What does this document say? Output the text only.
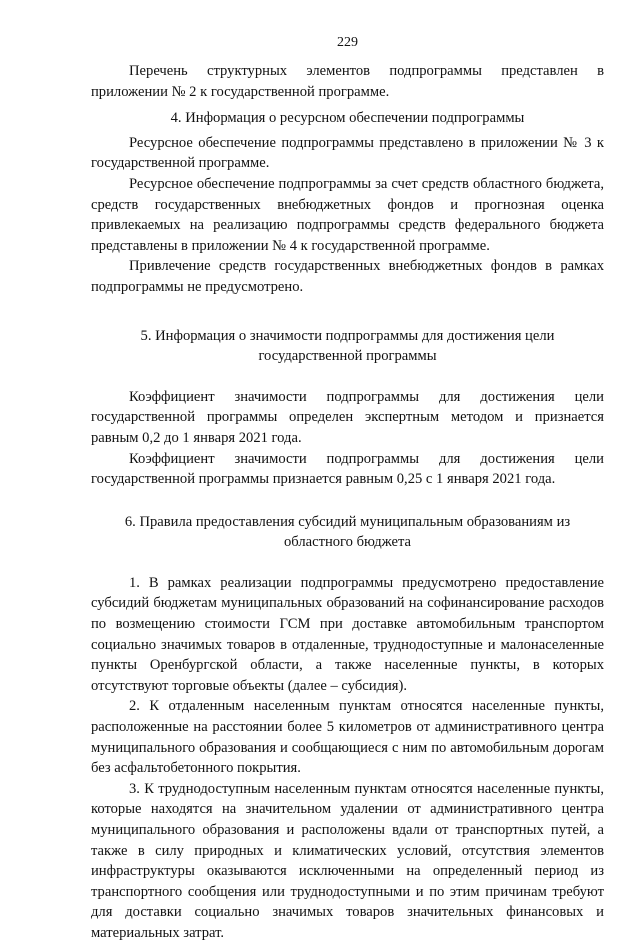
229

Перечень структурных элементов подпрограммы представлен в приложении № 2 к государственной программе.

4. Информация о ресурсном обеспечении подпрограммы

Ресурсное обеспечение подпрограммы представлено в приложении № 3 к государственной программе.

Ресурсное обеспечение подпрограммы за счет средств областного бюджета, средств государственных внебюджетных фондов и прогнозная оценка привлекаемых на реализацию подпрограммы средств федерального бюджета представлены в приложении № 4 к государственной программе.

Привлечение средств государственных внебюджетных фондов в рамках подпрограммы не предусмотрено.

5. Информация о значимости подпрограммы для достижения цели государственной программы

Коэффициент значимости подпрограммы для достижения цели государственной программы определен экспертным методом и признается равным 0,2 до 1 января 2021 года.

Коэффициент значимости подпрограммы для достижения цели государственной программы признается равным 0,25 с 1 января 2021 года.

6. Правила предоставления субсидий муниципальным образованиям из областного бюджета

1. В рамках реализации подпрограммы предусмотрено предоставление субсидий бюджетам муниципальных образований на софинансирование расходов по возмещению стоимости ГСМ при доставке автомобильным транспортом социально значимых товаров в отдаленные, труднодоступные и малонаселенные пункты Оренбургской области, а также населенные пункты, в которых отсутствуют торговые объекты (далее – субсидия).

2. К отдаленным населенным пунктам относятся населенные пункты, расположенные на расстоянии более 5 километров от административного центра муниципального образования и сообщающиеся с ним по автомобильным дорогам без асфальтобетонного покрытия.

3. К труднодоступным населенным пунктам относятся населенные пункты, которые находятся на значительном удалении от административного центра муниципального образования и расположены вдали от транспортных путей, а также в силу природных и климатических условий, отсутствия элементов инфраструктуры оказываются исключенными на определенный период из транспортного сообщения или труднодоступными и по этим причинам требуют для доставки социально значимых товаров значительных финансовых и материальных затрат.
